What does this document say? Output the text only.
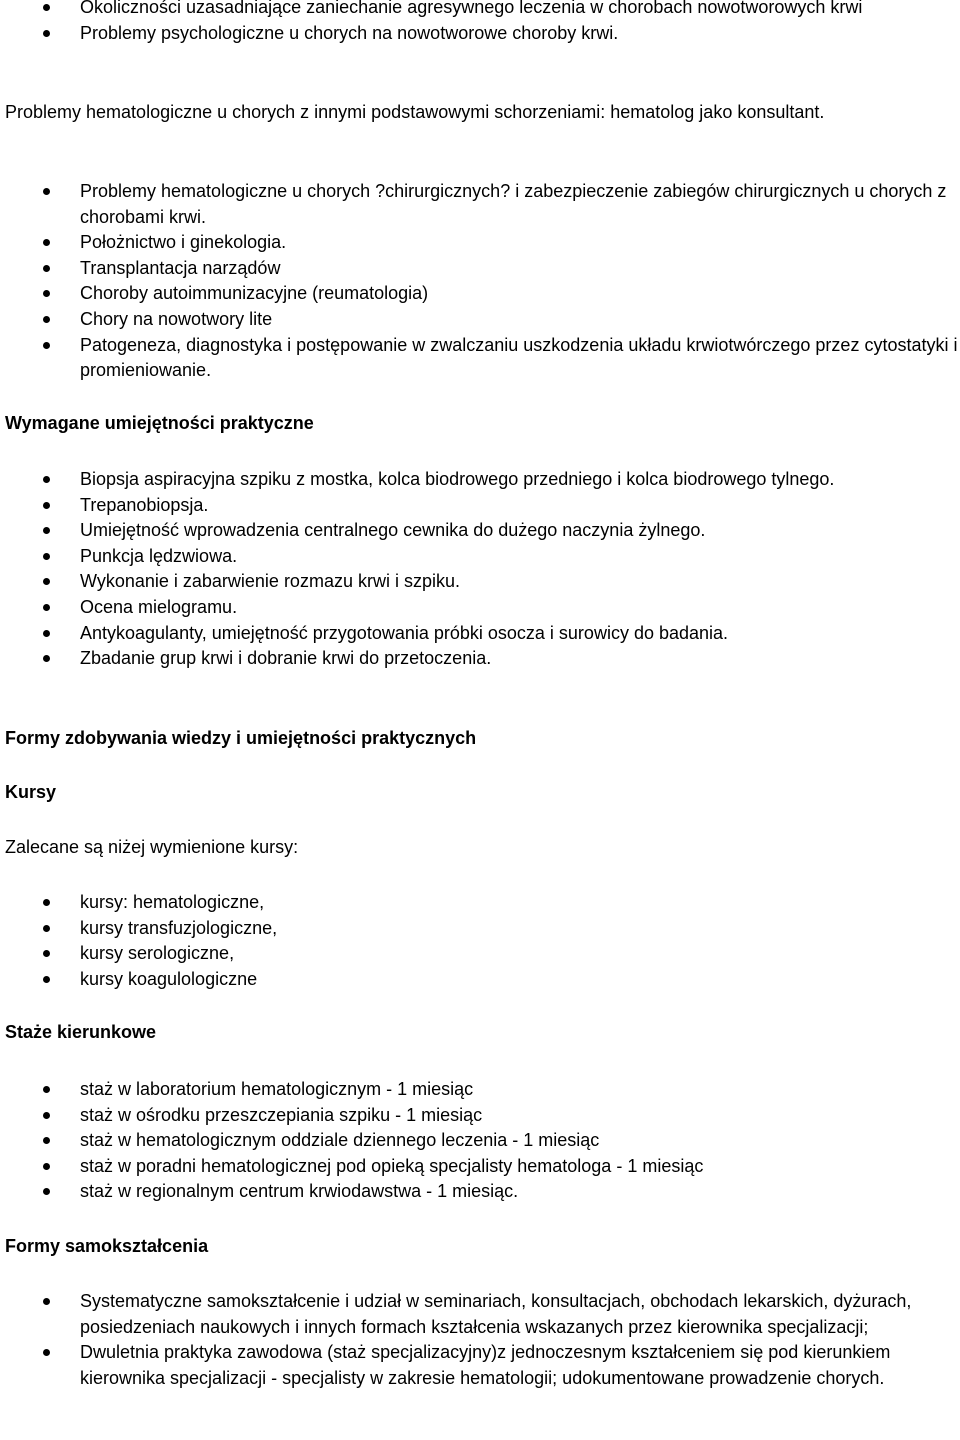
Okoliczności uzasadniające zaniechanie agresywnego leczenia w chorobach nowotworowych krwi
Problemy psychologiczne u chorych na nowotworowe choroby krwi.

Problemy hematologiczne u chorych z innymi podstawowymi schorzeniami: hematolog jako konsultant.

Problemy hematologiczne u chorych ?chirurgicznych? i zabezpieczenie zabiegów chirurgicznych u chorych z chorobami krwi.
Położnictwo i ginekologia.
Transplantacja narządów
Choroby autoimmunizacyjne (reumatologia)
Chory na nowotwory lite
Patogeneza, diagnostyka i postępowanie w zwalczaniu uszkodzenia układu krwiotwórczego przez cytostatyki i promieniowanie.

Wymagane umiejętności praktyczne

Biopsja aspiracyjna szpiku z mostka, kolca biodrowego przedniego i kolca biodrowego tylnego.
Trepanobiopsja.
Umiejętność wprowadzenia centralnego cewnika do dużego naczynia żylnego.
Punkcja lędzwiowa.
Wykonanie i zabarwienie rozmazu krwi i szpiku.
Ocena mielogramu.
Antykoagulanty, umiejętność przygotowania próbki osocza i surowicy do badania.
Zbadanie grup krwi i dobranie krwi do przetoczenia.

Formy zdobywania wiedzy i umiejętności praktycznych

Kursy

Zalecane są niżej wymienione kursy:

kursy: hematologiczne,
kursy transfuzjologiczne,
kursy serologiczne,
kursy koagulologiczne

Staże kierunkowe

staż w laboratorium hematologicznym - 1 miesiąc
staż w ośrodku przeszczepiania szpiku - 1 miesiąc
staż w hematologicznym oddziale dziennego leczenia - 1 miesiąc
staż w poradni hematologicznej pod opieką specjalisty hematologa - 1 miesiąc
staż w regionalnym centrum krwiodawstwa - 1 miesiąc.

Formy samokształcenia

Systematyczne samokształcenie i udział w seminariach, konsultacjach, obchodach lekarskich, dyżurach, posiedzeniach naukowych i innych formach kształcenia wskazanych przez kierownika specjalizacji;
Dwuletnia praktyka zawodowa (staż specjalizacyjny)z jednoczesnym kształceniem się pod kierunkiem kierownika specjalizacji - specjalisty w zakresie hematologii; udokumentowane prowadzenie chorych.
